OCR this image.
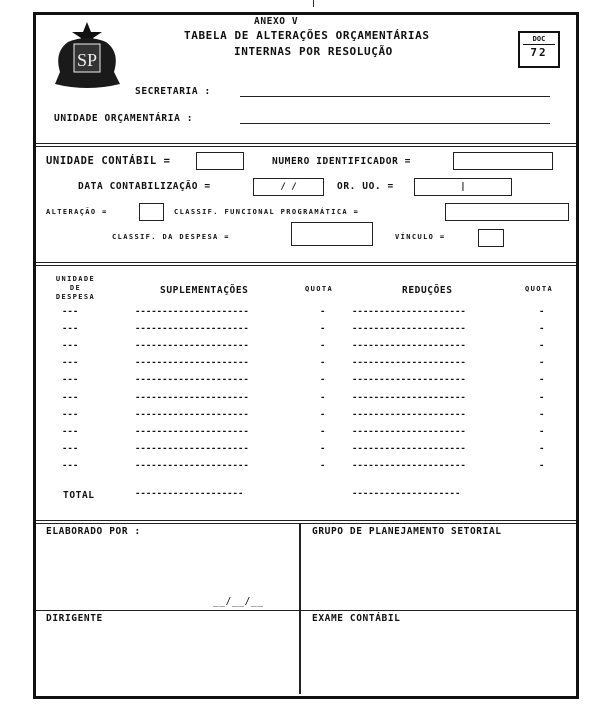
SP
ANEXO V
TABELA DE ALTERAÇÕES ORÇAMENTÁRIAS
INTERNAS POR RESOLUÇÃO
DOC
72
SECRETARIA :
UNIDADE ORÇAMENTÁRIA :
UNIDADE CONTÁBIL =	NUMERO IDENTIFICADOR =
DATA CONTABILIZAÇÃO =	/ /	OR. UO. =	|
ALTERAÇÃO =	CLASSIF. FUNCIONAL PROGRAMÁTICA =
CLASSIF. DA DESPESA =	VÍNCULO =
UNIDADE DE DESPESA
SUPLEMENTAÇÕES	QUOTA	REDUÇÕES	QUOTA
---	---------------------	-	---------------------	-
---	---------------------	-	---------------------	-
---	---------------------	-	---------------------	-
---	---------------------	-	---------------------	-
---	---------------------	-	---------------------	-
---	---------------------	-	---------------------	-
---	---------------------	-	---------------------	-
---	---------------------	-	---------------------	-
---	---------------------	-	---------------------	-
---	---------------------	-	---------------------	-
TOTAL	--------------------	--------------------
ELABORADO POR :
__/__/__
GRUPO DE PLANEJAMENTO SETORIAL
DIRIGENTE	EXAME CONTÁBIL
